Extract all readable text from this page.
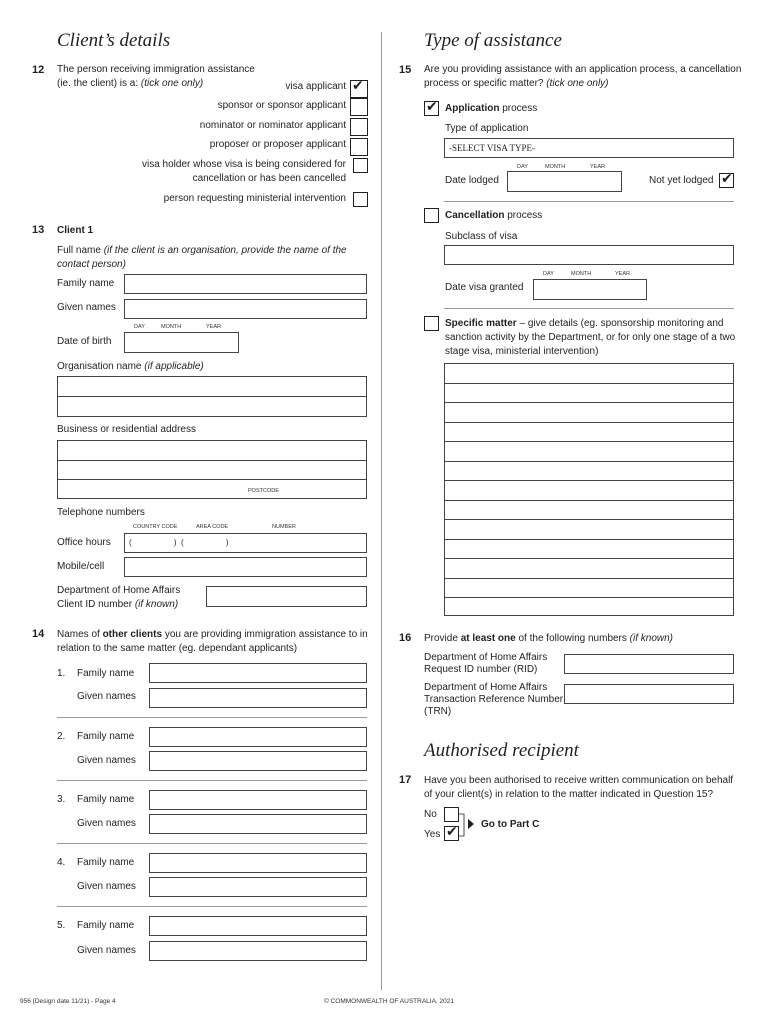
Client’s details
12 The person receiving immigration assistance
(ie. the client) is a: (tick one only)	visa applicant
✔
sponsor or sponsor applicant
nominator or nominator applicant
proposer or proposer applicant
visa holder whose visa is being considered for
cancellation or has been cancelled
person requesting ministerial intervention
13 Client 1
Full name (if the client is an organisation, provide the name of the
contact person)
Family name
Given names
DAY	MONTH	YEAR
Date of birth
Organisation name (if applicable)
Business or residential address
POSTCODE
Telephone numbers
COUNTRY CODE	AREA CODE	NUMBER
Office hours (                   )  (                   )
Mobile/cell
Department of Home Affairs
Client ID number (if known)
14 Names of other clients you are providing immigration assistance to in
relation to the same matter (eg. dependant applicants)
1. Family name
Given names
2. Family name
Given names
3. Family name
Given names
4. Family name
Given names
5. Family name
Given names
Type of assistance
15 Are you providing assistance with an application process, a cancellation
process or specific matter? (tick one only)
✔
Application process
Type of application
-SELECT VISA TYPE-
DAY	MONTH	YEAR
Date lodged	Not yet lodged
✔
Cancellation process
Subclass of visa
DAY	MONTH	YEAR
Date visa granted
Specific matter – give details (eg. sponsorship monitoring and
sanction activity by the Department, or for only one stage of a two
stage visa, ministerial intervention)
16 Provide at least one of the following numbers (if known)
Department of Home Affairs
Request ID number (RID)
Department of Home Affairs
Transaction Reference Number
(TRN)
Authorised recipient
17 Have you been authorised to receive written communication on behalf
of your client(s) in relation to the matter indicated in Question 15?
No
Yes
✔
Go to Part C
956 (Design date 11/21) - Page 4	© COMMONWEALTH OF AUSTRALIA, 2021
